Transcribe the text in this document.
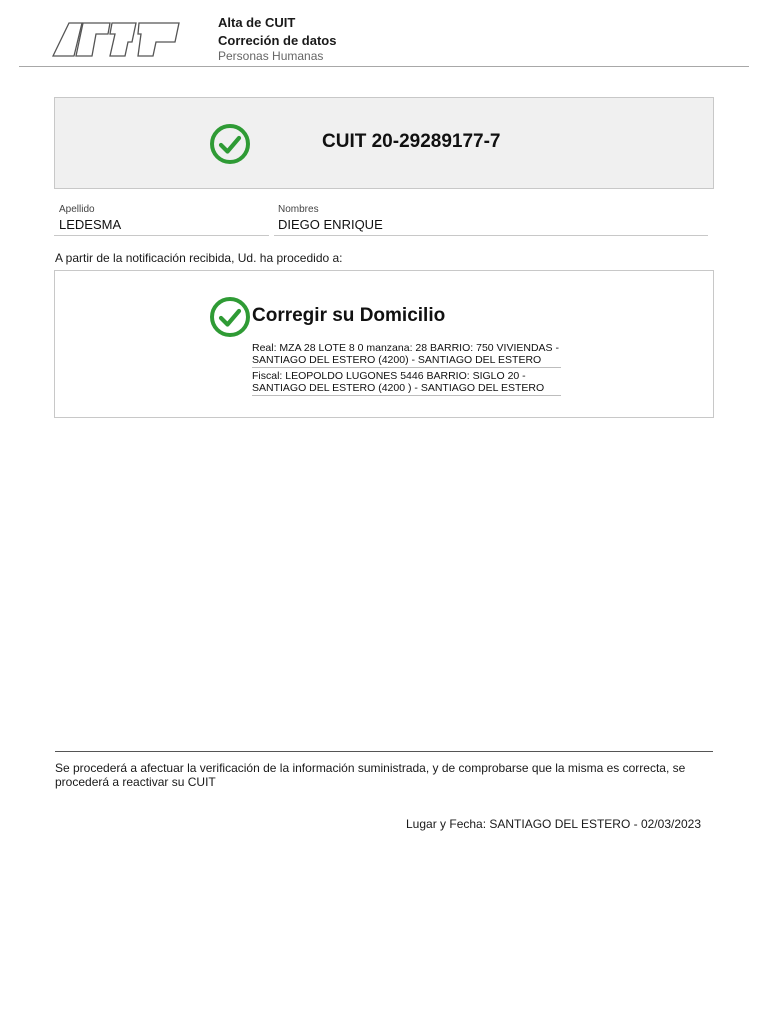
Alta de CUIT
Correción de datos
Personas Humanas
CUIT 20-29289177-7
Apellido
LEDESMA
Nombres
DIEGO ENRIQUE
A partir de la notificación recibida, Ud. ha procedido a:
Corregir su Domicilio
Real: MZA 28 LOTE 8 0 manzana: 28 BARRIO: 750 VIVIENDAS - SANTIAGO DEL ESTERO (4200) - SANTIAGO DEL ESTERO
Fiscal: LEOPOLDO LUGONES 5446 BARRIO: SIGLO 20 - SANTIAGO DEL ESTERO (4200 ) - SANTIAGO DEL ESTERO
Se procederá a afectuar la verificación de la información suministrada, y de comprobarse que la misma es correcta, se procederá a reactivar su CUIT
Lugar y Fecha: SANTIAGO DEL ESTERO - 02/03/2023
